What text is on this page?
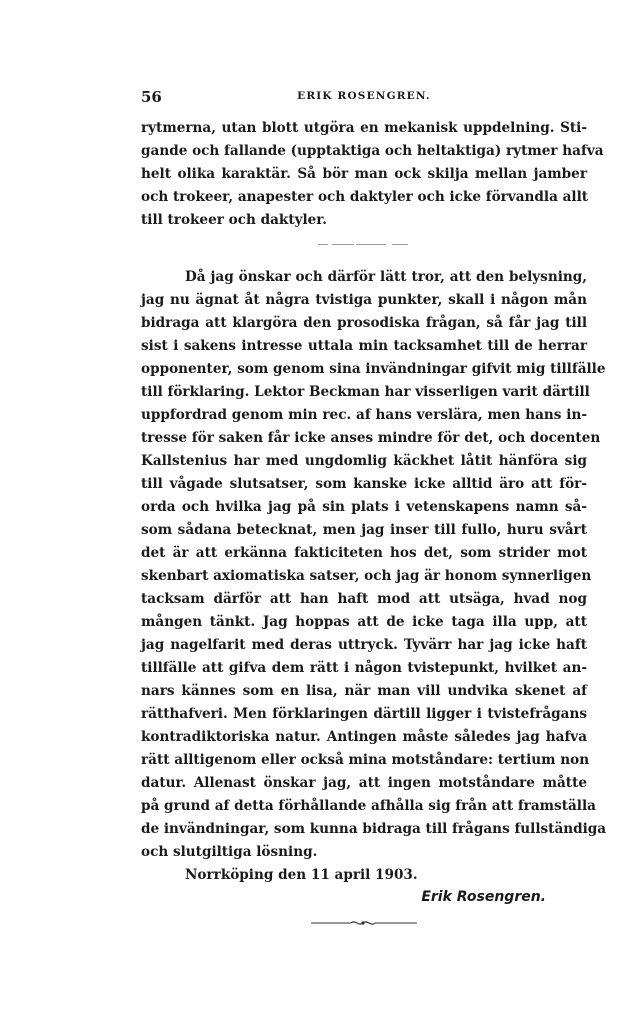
56	ERIK ROSENGREN.
rytmerna, utan blott utgöra en mekanisk uppdelning. Sti-
gande och fallande (upptaktiga och heltaktiga) rytmer hafva
helt olika karaktär. Så bör man ock skilja mellan jamber
och trokeer, anapester och daktyler och icke förvandla allt
till trokeer och daktyler.
Då jag önskar och därför lätt tror, att den belysning,
jag nu ägnat åt några tvistiga punkter, skall i någon mån
bidraga att klargöra den prosodiska frågan, så får jag till
sist i sakens intresse uttala min tacksamhet till de herrar
opponenter, som genom sina invändningar gifvit mig tillfälle
till förklaring. Lektor Beckman har visserligen varit därtill
uppfordrad genom min rec. af hans verslära, men hans in-
tresse för saken får icke anses mindre för det, och docenten
Kallstenius har med ungdomlig käckhet låtit hänföra sig
till vågade slutsatser, som kanske icke alltid äro att för-
orda och hvilka jag på sin plats i vetenskapens namn så-
som sådana betecknat, men jag inser till fullo, huru svårt
det är att erkänna fakticiteten hos det, som strider mot
skenbart axiomatiska satser, och jag är honom synnerligen
tacksam därför att han haft mod att utsäga, hvad nog
mången tänkt. Jag hoppas att de icke taga illa upp, att
jag nagelfarit med deras uttryck. Tyvärr har jag icke haft
tillfälle att gifva dem rätt i någon tvistepunkt, hvilket an-
nars kännes som en lisa, när man vill undvika skenet af
rätthafveri. Men förklaringen därtill ligger i tvistefrågans
kontradiktoriska natur. Antingen måste således jag hafva
rätt alltigenom eller också mina motståndare: tertium non
datur. Allenast önskar jag, att ingen motståndare måtte
på grund af detta förhållande afhålla sig från att framställa
de invändningar, som kunna bidraga till frågans fullständiga
och slutgiltiga lösning.
Norrköping den 11 april 1903.
Erik Rosengren.
